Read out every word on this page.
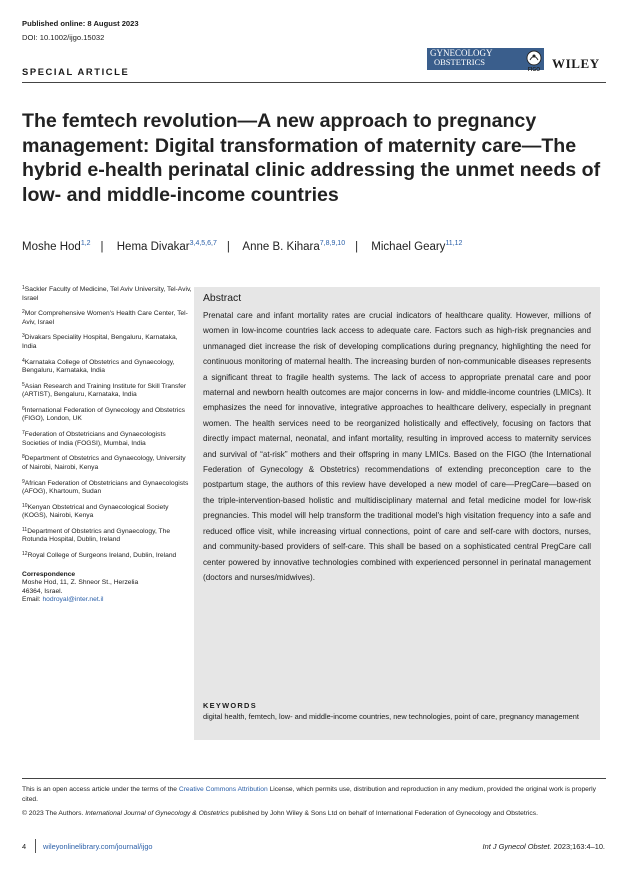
Published online: 8 August 2023
DOI: 10.1002/ijgo.15032
SPECIAL ARTICLE
GYNECOLOGY
OBSTETRICS
FIGO WILEY
The femtech revolution—A new approach to pregnancy management: Digital transformation of maternity care—The hybrid e-health perinatal clinic addressing the unmet needs of low- and middle-income countries
Moshe Hod$^{1,2}$ | Hema Divakar$^{3,4,5,6,7}$ | Anne B. Kihara$^{7,8,9,10}$ | Michael Geary$^{11,12}$
$^1$Sackler Faculty of Medicine, Tel Aviv University, Tel-Aviv, Israel
$^2$Mor Comprehensive Women's Health Care Center, Tel-Aviv, Israel
$^3$Divakars Speciality Hospital, Bengaluru, Karnataka, India
$^4$Karnataka College of Obstetrics and Gynaecology, Bengaluru, Karnataka, India
$^5$Asian Research and Training Institute for Skill Transfer (ARTIST), Bengaluru, Karnataka, India
$^6$International Federation of Gynecology and Obstetrics (FIGO), London, UK
$^7$Federation of Obstetricians and Gynaecologists Societies of India (FOGSI), Mumbai, India
$^8$Department of Obstetrics and Gynaecology, University of Nairobi, Nairobi, Kenya
$^9$African Federation of Obstetricians and Gynaecologists (AFOG), Khartoum, Sudan
$^{10}$Kenyan Obstetrical and Gynaecological Society (KOGS), Nairobi, Kenya
$^{11}$Department of Obstetrics and Gynaecology, The Rotunda Hospital, Dublin, Ireland
$^{12}$Royal College of Surgeons Ireland, Dublin, Ireland
Correspondence
Moshe Hod, 11, Z. Shneor St., Herzelia
46364, Israel.
Email: hodroyal@inter.net.il
Abstract

Prenatal care and infant mortality rates are crucial indicators of healthcare quality. However, millions of women in low-income countries lack access to adequate care. Factors such as high-risk pregnancies and unmanaged diet increase the risk of developing complications during pregnancy, highlighting the need for continuous monitoring of maternal health. The increasing burden of non-communicable diseases represents a significant threat to fragile health systems. The lack of access to appropriate prenatal care and poor maternal and newborn health outcomes are major concerns in low- and middle-income countries (LMICs). It emphasizes the need for innovative, integrative approaches to healthcare delivery, especially in pregnant women. The health services need to be reorganized holistically and effectively, focusing on factors that directly impact maternal, neonatal, and infant mortality, resulting in improved access to maternity services and survival of “at-risk” mothers and their offspring in many LMICs. Based on the FIGO (the International Federation of Gynecology & Obstetrics) recommendations of extending preconception care to the postpartum stage, the authors of this review have developed a new model of care—PregCare—based on the triple-intervention-based holistic and multidisciplinary maternal and fetal medicine model for low-risk pregnancies. This model will help transform the traditional model's high visitation frequency into a safe and reduced office visit, while increasing virtual connections, point of care and self-care with doctors, nurses, and community-based providers of self-care. This shall be based on a sophisticated central PregCare call center powered by innovative technologies combined with experienced personnel in perinatal management (doctors and nurses/midwives).

KEYWORDS
digital health, femtech, low- and middle-income countries, new technologies, point of care, pregnancy management
This is an open access article under the terms of the Creative Commons Attribution License, which permits use, distribution and reproduction in any medium, provided the original work is properly cited.
© 2023 The Authors. International Journal of Gynecology & Obstetrics published by John Wiley & Sons Ltd on behalf of International Federation of Gynecology and Obstetrics.
4 wileyonlinelibrary.com/journal/ijgo	Int J Gynecol Obstet. 2023;163:4–10.
